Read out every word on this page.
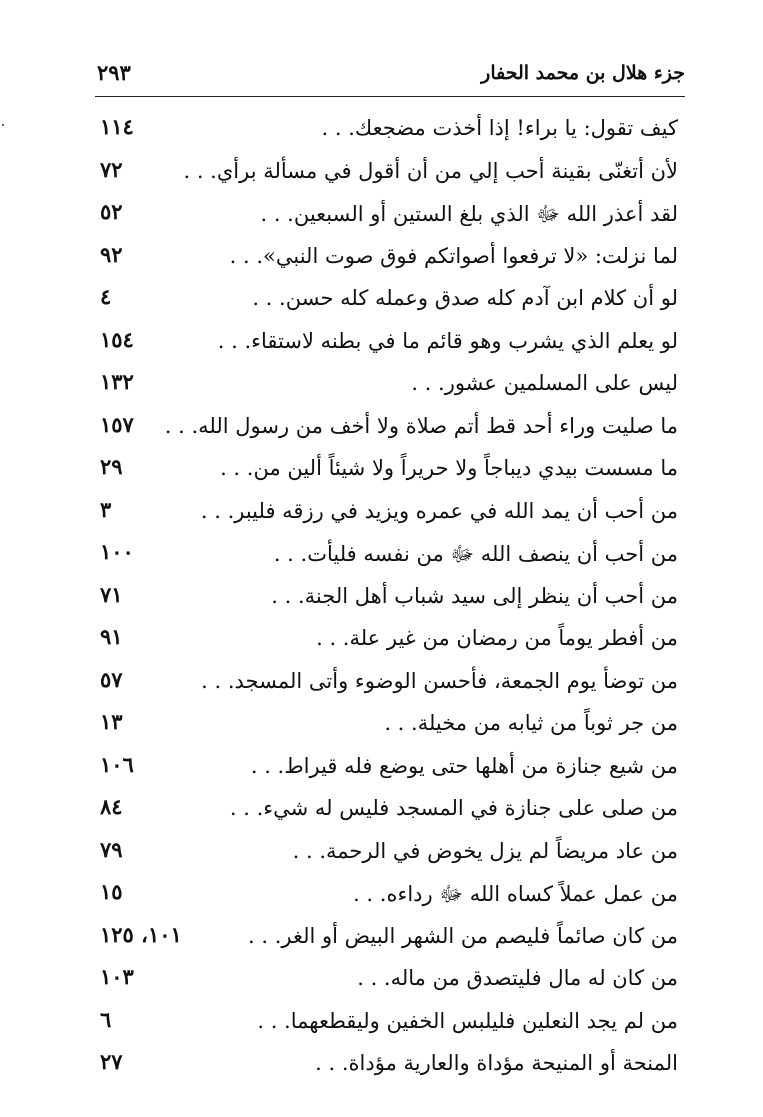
جزء هلال بن محمد الحفار
٢٩٣
كيف تقول: يا براء! إذا أخذت مضجعك. . .
١١٤
لأن أتغنّى بقينة أحب إلي من أن أقول في مسألة برأي. . .
٧٢
لقد أعذر الله ﷻ الذي بلغ الستين أو السبعين. . .
٥٢
لما نزلت: «لا ترفعوا أصواتكم فوق صوت النبي». . .
٩٢
لو أن كلام ابن آدم كله صدق وعمله كله حسن. . .
٤
لو يعلم الذي يشرب وهو قائم ما في بطنه لاستقاء. . .
١٥٤
ليس على المسلمين عشور. . .
١٣٢
ما صليت وراء أحد قط أتم صلاة ولا أخف من رسول الله. . .
١٥٧
ما مسست بيدي ديباجاً ولا حريراً ولا شيئاً ألين من. . .
٢٩
من أحب أن يمد الله في عمره ويزيد في رزقه فليبر. . .
٣
من أحب أن ينصف الله ﷻ من نفسه فليأت. . .
١٠٠
من أحب أن ينظر إلى سيد شباب أهل الجنة. . .
٧١
من أفطر يوماً من رمضان من غير علة. . .
٩١
من توضأ يوم الجمعة، فأحسن الوضوء وأتى المسجد. . .
٥٧
من جر ثوباً من ثيابه من مخيلة. . .
١٣
من شيع جنازة من أهلها حتى يوضع فله قيراط. . .
١٠٦
من صلى على جنازة في المسجد فليس له شيء. . .
٨٤
من عاد مريضاً لم يزل يخوض في الرحمة. . .
٧٩
من عمل عملاً كساه الله ﷻ رداءه. . .
١٥
من كان صائماً فليصم من الشهر البيض أو الغر. . .
١٠١، ١٢٥
من كان له مال فليتصدق من ماله. . .
١٠٣
من لم يجد النعلين فليلبس الخفين وليقطعهما. . .
٦
المنحة أو المنيحة مؤداة والعارية مؤداة. . .
٢٧
